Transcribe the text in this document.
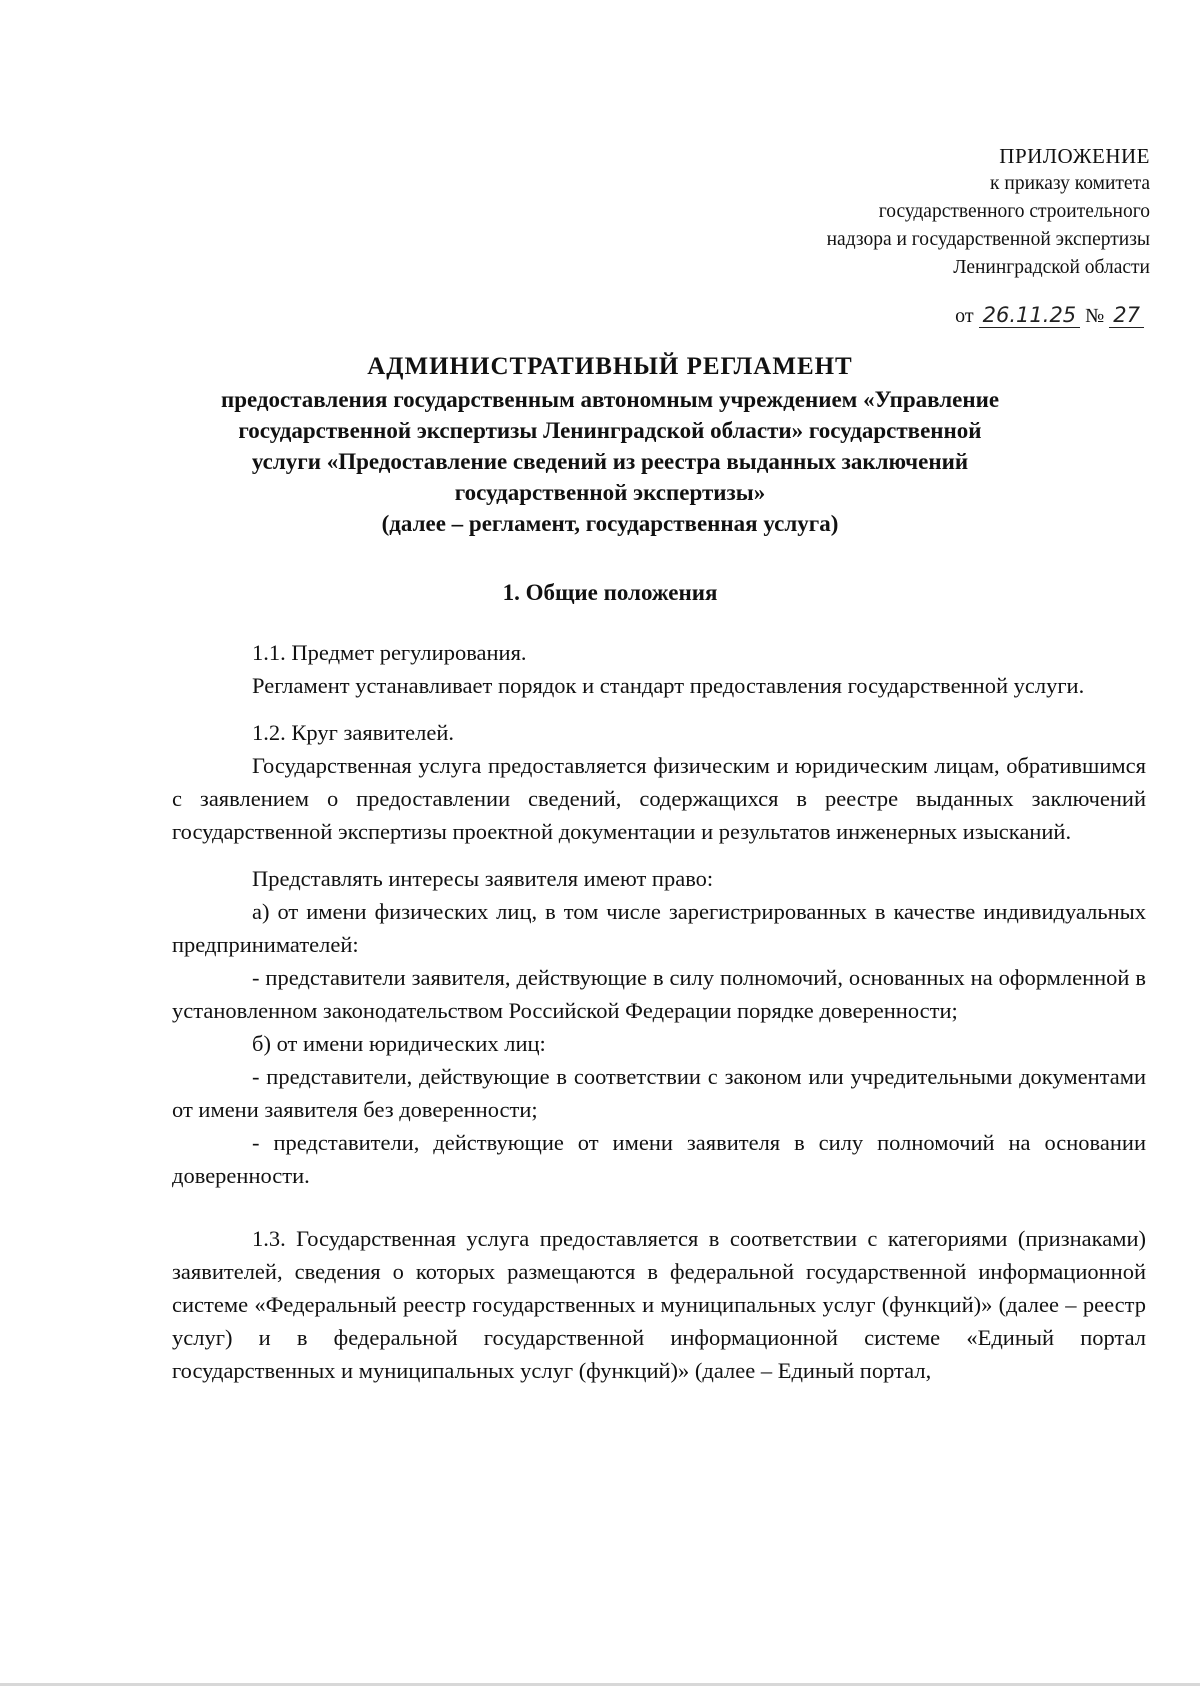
ПРИЛОЖЕНИЕ
к приказу комитета
государственного строительного
надзора и государственной экспертизы
Ленинградской области
от 26.11.25 № 27
АДМИНИСТРАТИВНЫЙ РЕГЛАМЕНТ
предоставления государственным автономным учреждением «Управление
государственной экспертизы Ленинградской области» государственной
услуги «Предоставление сведений из реестра выданных заключений
государственной экспертизы»
(далее – регламент, государственная услуга)
1. Общие положения

1.1. Предмет регулирования.

Регламент устанавливает порядок и стандарт предоставления государственной услуги.

1.2. Круг заявителей.

Государственная услуга предоставляется физическим и юридическим лицам, обратившимся с заявлением о предоставлении сведений, содержащихся в реестре выданных заключений государственной экспертизы проектной документации и результатов инженерных изысканий.

Представлять интересы заявителя имеют право:

а) от имени физических лиц, в том числе зарегистрированных в качестве индивидуальных предпринимателей:

- представители заявителя, действующие в силу полномочий, основанных на оформленной в установленном законодательством Российской Федерации порядке доверенности;

б) от имени юридических лиц:

- представители, действующие в соответствии с законом или учредительными документами от имени заявителя без доверенности;

- представители, действующие от имени заявителя в силу полномочий на основании доверенности.

1.3. Государственная услуга предоставляется в соответствии с категориями (признаками) заявителей, сведения о которых размещаются в федеральной государственной информационной системе «Федеральный реестр государственных и муниципальных услуг (функций)» (далее – реестр услуг) и в федеральной государственной информационной системе «Единый портал государственных и муниципальных услуг (функций)» (далее – Единый портал,
